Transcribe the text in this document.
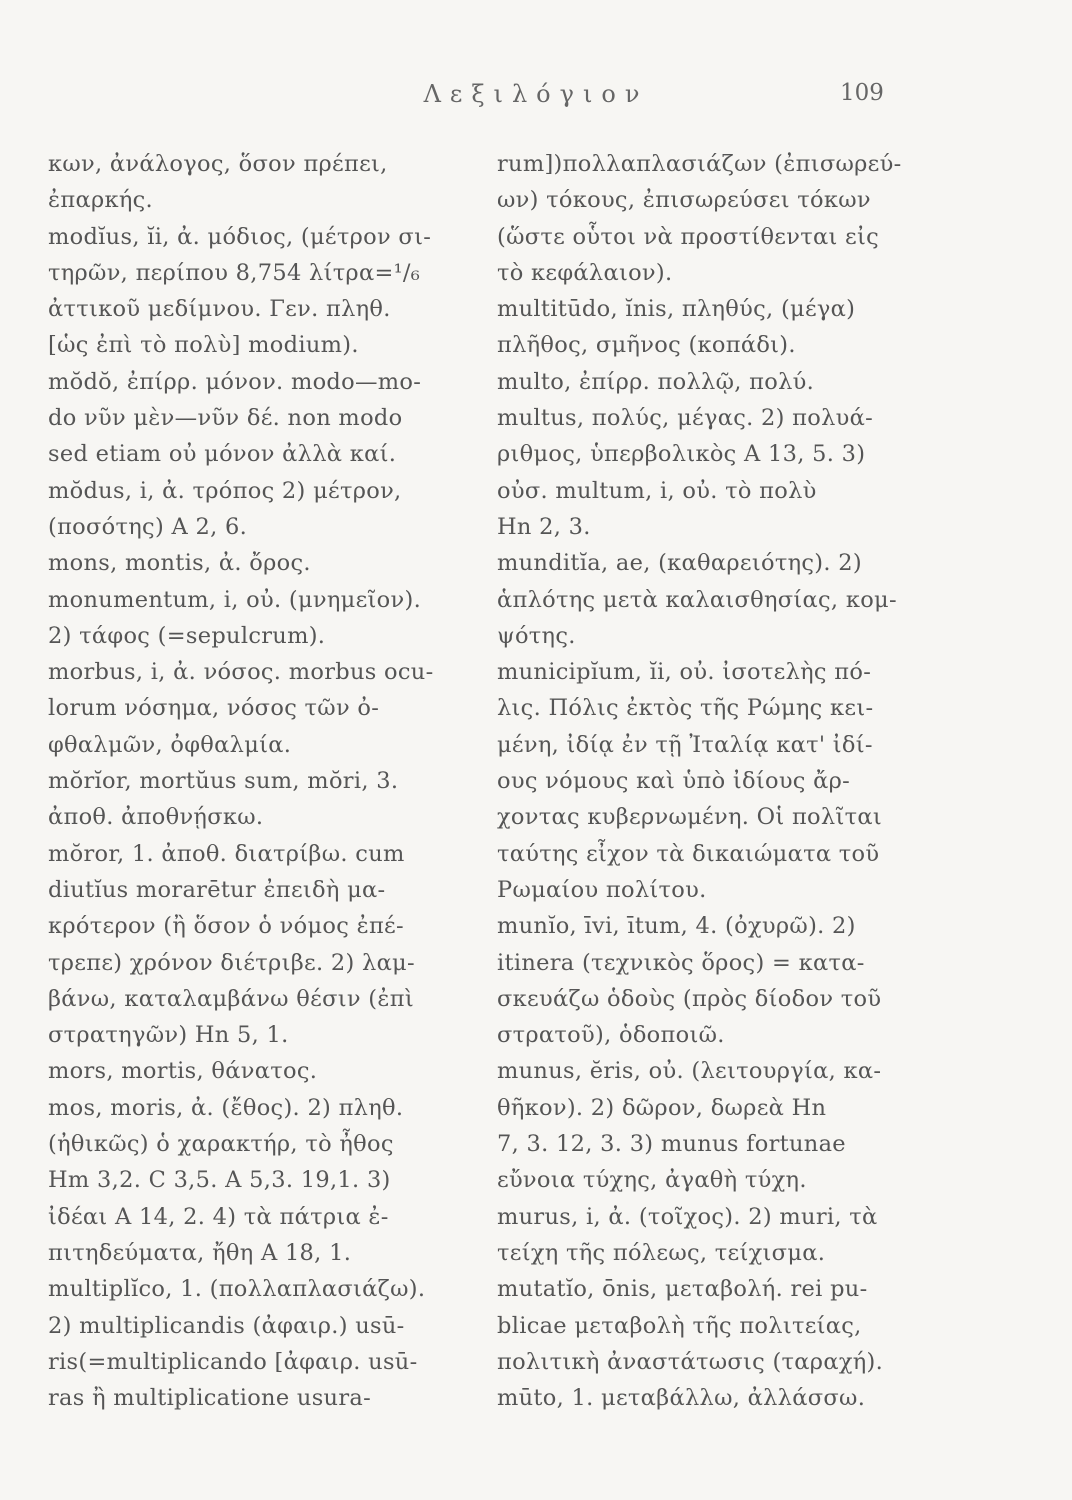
Λεξιλόγιον	109
κων, ἀνάλογος, ὅσον πρέπει,
ἐπαρκής.
modĭus, ĭi, ἀ. μόδιος, (μέτρον σι-
τηρῶν, περίπου 8,754 λίτρα=¹/₆
ἀττικοῦ μεδίμνου. Γεν. πληθ.
[ὡς ἐπὶ τὸ πολὺ] modium).
mŏdŏ, ἐπίρρ. μόνον. modo—mo-
do νῦν μὲν—νῦν δέ. non modo
sed etiam οὐ μόνον ἀλλὰ καί.
mŏdus, i, ἀ. τρόπος 2) μέτρον,
(ποσότης) Α 2, 6.
mons, montis, ἀ. ὄρος.
monumentum, i, οὐ. (μνημεῖον).
2) τάφος (=sepulcrum).
morbus, i, ἀ. νόσος. morbus ocu-
lorum νόσημα, νόσος τῶν ὀ-
φθαλμῶν, ὀφθαλμία.
mŏrĭor, mortŭus sum, mŏri, 3.
ἀποθ. ἀποθνῄσκω.
mŏror, 1. ἀποθ. διατρίβω. cum
diutĭus morarētur ἐπειδὴ μα-
κρότερον (ἢ ὅσον ὁ νόμος ἐπέ-
τρεπε) χρόνον διέτριβε. 2) λαμ-
βάνω, καταλαμβάνω θέσιν (ἐπὶ
στρατηγῶν) Hn 5, 1.
mors, mortis, θάνατος.
mos, moris, ἀ. (ἔθος). 2) πληθ.
(ἠθικῶς) ὁ χαρακτήρ, τὸ ἦθος
Hm 3,2. C 3,5. A 5,3. 19,1. 3)
ἰδέαι A 14, 2. 4) τὰ πάτρια ἐ-
πιτηδεύματα, ἤθη A 18, 1.
multiplĭco, 1. (πολλαπλασιάζω).
2) multiplicandis (ἀφαιρ.) usū-
ris(=multiplicando [ἀφαιρ. usū-
ras ἢ multiplicatione usura-
rum])πολλαπλασιάζων (ἐπισωρεύ-
ων) τόκους, ἐπισωρεύσει τόκων
(ὥστε οὗτοι νὰ προστίθενται εἰς
τὸ κεφάλαιον).
multitūdo, ĭnis, πληθύς, (μέγα)
πλῆθος, σμῆνος (κοπάδι).
multo, ἐπίρρ. πολλῷ, πολύ.
multus, πολύς, μέγας. 2) πολυά-
ριθμος, ὑπερβολικὸς A 13, 5. 3)
οὐσ. multum, i, οὐ. τὸ πολὺ
Hn 2, 3.
munditĭa, ae, (καθαρειότης). 2)
ἁπλότης μετὰ καλαισθησίας, κομ-
ψότης.
municipĭum, ĭi, οὐ. ἰσοτελὴς πό-
λις. Πόλις ἐκτὸς τῆς Ρώμης κει-
μένη, ἰδίᾳ ἐν τῇ Ἰταλίᾳ κατ' ἰδί-
ους νόμους καὶ ὑπὸ ἰδίους ἄρ-
χοντας κυβερνωμένη. Οἱ πολῖται
ταύτης εἶχον τὰ δικαιώματα τοῦ
Ρωμαίου πολίτου.
munĭo, īvi, ītum, 4. (ὀχυρῶ). 2)
itinera (τεχνικὸς ὅρος) = κατα-
σκευάζω ὁδοὺς (πρὸς δίοδον τοῦ
στρατοῦ), ὁδοποιῶ.
munus, ĕris, οὐ. (λειτουργία, κα-
θῆκον). 2) δῶρον, δωρεὰ Hn
7, 3. 12, 3. 3) munus fortunae
εὔνοια τύχης, ἀγαθὴ τύχη.
murus, i, ἀ. (τοῖχος). 2) muri, τὰ
τείχη τῆς πόλεως, τείχισμα.
mutatĭo, ōnis, μεταβολή. rei pu-
blicae μεταβολὴ τῆς πολιτείας,
πολιτικὴ ἀναστάτωσις (ταραχή).
mūto, 1. μεταβάλλω, ἀλλάσσω.
